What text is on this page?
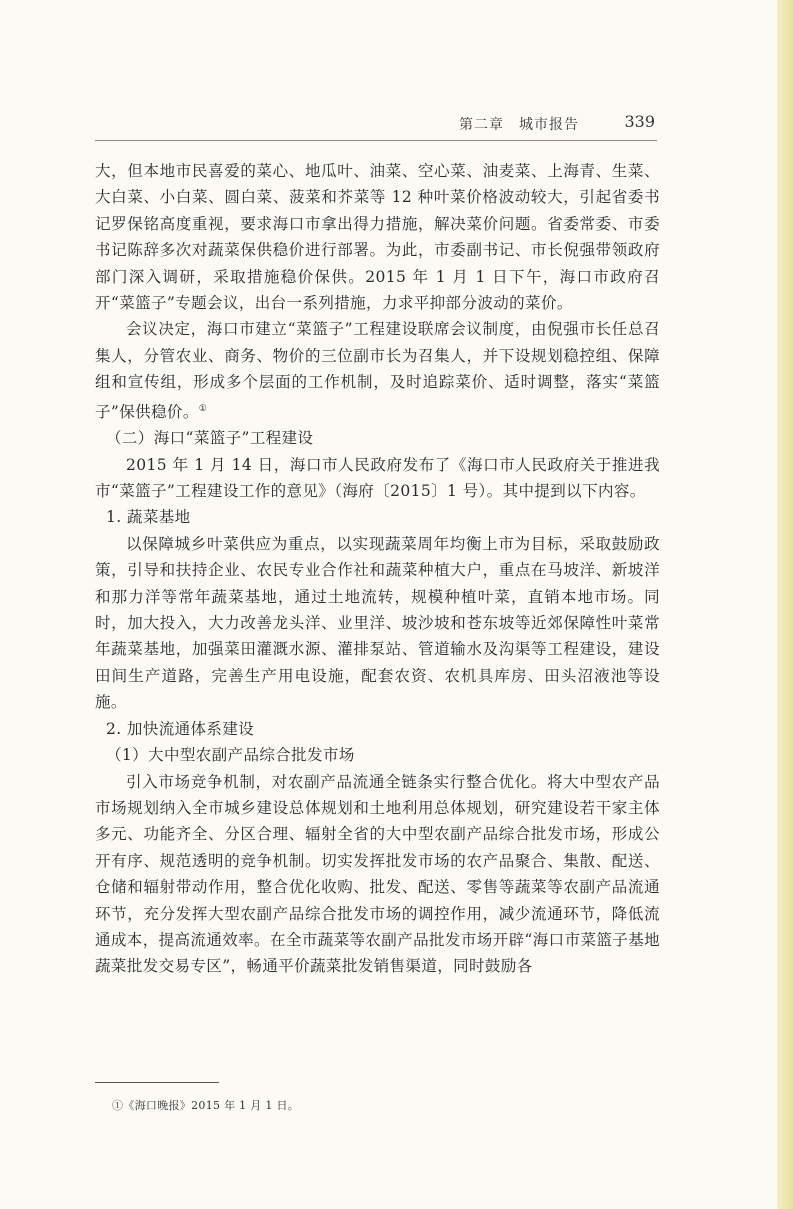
第二章　城市报告	339

大，但本地市民喜爱的菜心、地瓜叶、油菜、空心菜、油麦菜、上海青、生菜、大白菜、小白菜、圆白菜、菠菜和芥菜等 12 种叶菜价格波动较大，引起省委书记罗保铭高度重视，要求海口市拿出得力措施，解决菜价问题。省委常委、市委书记陈辞多次对蔬菜保供稳价进行部署。为此，市委副书记、市长倪强带领政府部门深入调研，采取措施稳价保供。2015 年 1 月 1 日下午，海口市政府召开“菜篮子”专题会议，出台一系列措施，力求平抑部分波动的菜价。

会议决定，海口市建立“菜篮子”工程建设联席会议制度，由倪强市长任总召集人，分管农业、商务、物价的三位副市长为召集人，并下设规划稳控组、保障组和宣传组，形成多个层面的工作机制，及时追踪菜价、适时调整，落实“菜篮子”保供稳价。①

（二）海口“菜篮子”工程建设

2015 年 1 月 14 日，海口市人民政府发布了《海口市人民政府关于推进我市“菜篮子”工程建设工作的意见》（海府〔2015〕1 号）。其中提到以下内容。

1. 蔬菜基地

以保障城乡叶菜供应为重点，以实现蔬菜周年均衡上市为目标，采取鼓励政策，引导和扶持企业、农民专业合作社和蔬菜种植大户，重点在马坡洋、新坡洋和那力洋等常年蔬菜基地，通过土地流转，规模种植叶菜，直销本地市场。同时，加大投入，大力改善龙头洋、业里洋、坡沙坡和苍东坡等近郊保障性叶菜常年蔬菜基地，加强菜田灌溉水源、灌排泵站、管道输水及沟渠等工程建设，建设田间生产道路，完善生产用电设施，配套农资、农机具库房、田头沼液池等设施。

2. 加快流通体系建设

（1）大中型农副产品综合批发市场

引入市场竞争机制，对农副产品流通全链条实行整合优化。将大中型农产品市场规划纳入全市城乡建设总体规划和土地利用总体规划，研究建设若干家主体多元、功能齐全、分区合理、辐射全省的大中型农副产品综合批发市场，形成公开有序、规范透明的竞争机制。切实发挥批发市场的农产品聚合、集散、配送、仓储和辐射带动作用，整合优化收购、批发、配送、零售等蔬菜等农副产品流通环节，充分发挥大型农副产品综合批发市场的调控作用，减少流通环节，降低流通成本，提高流通效率。在全市蔬菜等农副产品批发市场开辟“海口市菜篮子基地蔬菜批发交易专区”，畅通平价蔬菜批发销售渠道，同时鼓励各

①《海口晚报》2015 年 1 月 1 日。
